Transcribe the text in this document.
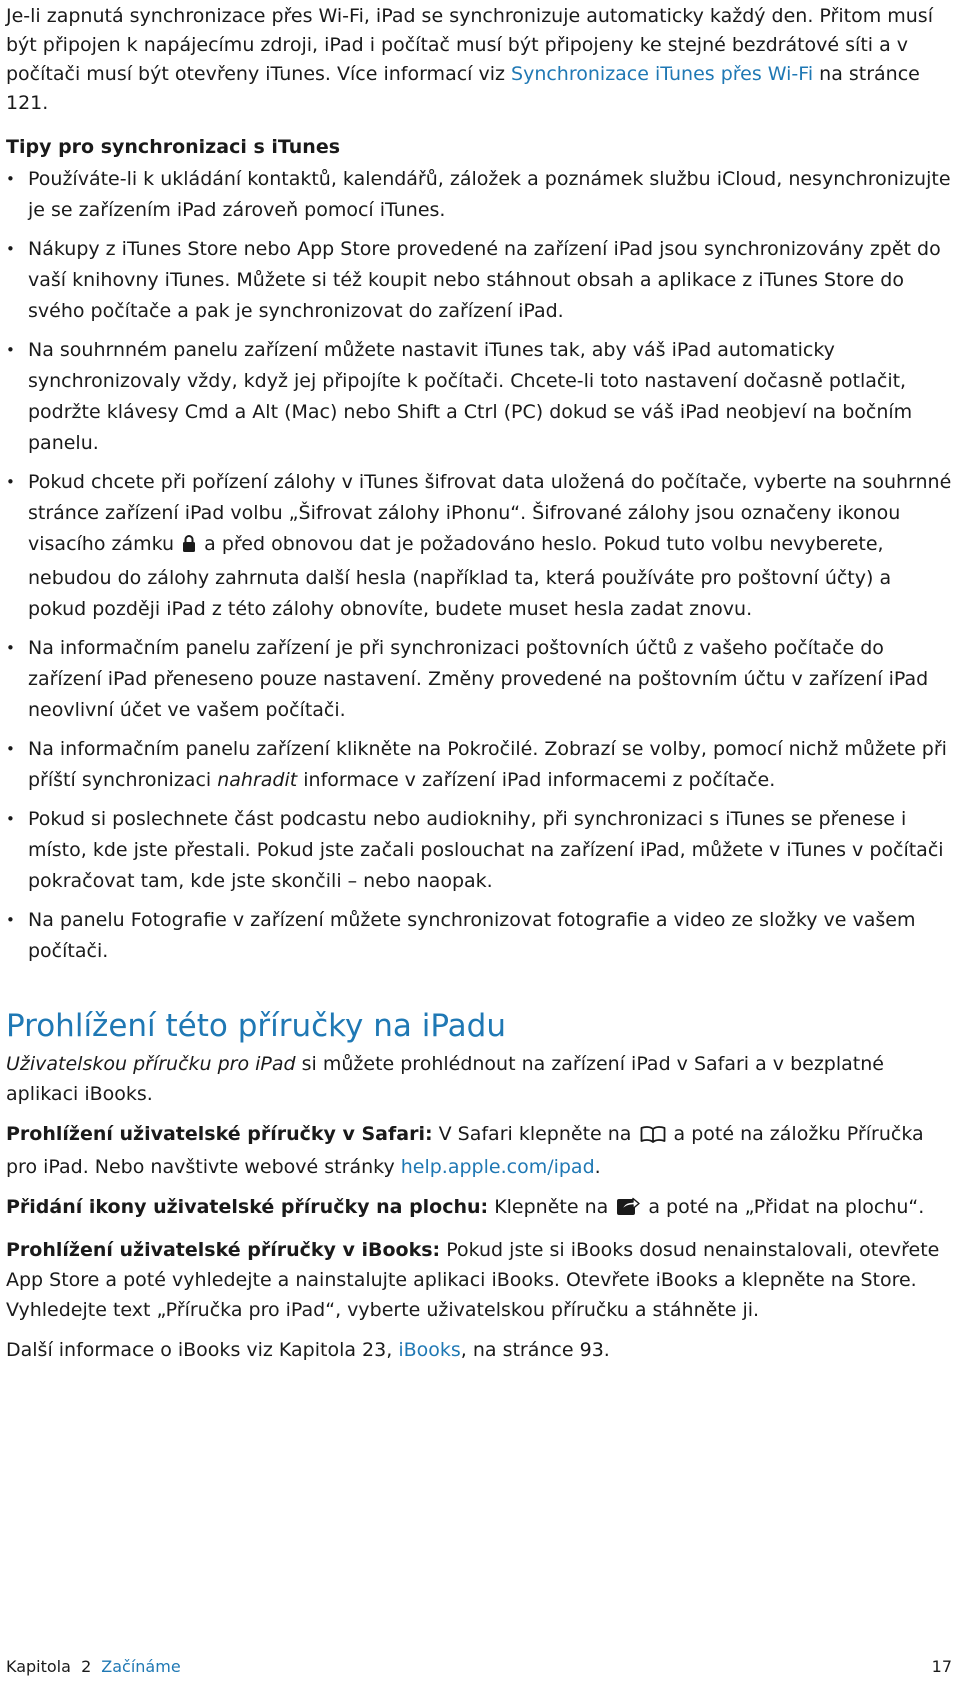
Je-li zapnutá synchronizace přes Wi-Fi, iPad se synchronizuje automaticky každý den. Přitom musí být připojen k napájecímu zdroji, iPad i počítač musí být připojeny ke stejné bezdrátové síti a v počítači musí být otevřeny iTunes. Více informací viz Synchronizace iTunes přes Wi-Fi na stránce 121.

Tipy pro synchronizaci s iTunes
• Používáte-li k ukládání kontaktů, kalendářů, záložek a poznámek službu iCloud, nesynchronizujte je se zařízením iPad zároveň pomocí iTunes.
• Nákupy z iTunes Store nebo App Store provedené na zařízení iPad jsou synchronizovány zpět do vaší knihovny iTunes. Můžete si též koupit nebo stáhnout obsah a aplikace z iTunes Store do svého počítače a pak je synchronizovat do zařízení iPad.
• Na souhrnném panelu zařízení můžete nastavit iTunes tak, aby váš iPad automaticky synchronizovaly vždy, když jej připojíte k počítači. Chcete-li toto nastavení dočasně potlačit, podržte klávesy Cmd a Alt (Mac) nebo Shift a Ctrl (PC) dokud se váš iPad neobjeví na bočním panelu.
• Pokud chcete při pořízení zálohy v iTunes šifrovat data uložená do počítače, vyberte na souhrnné stránce zařízení iPad volbu „Šifrovat zálohy iPhonu“. Šifrované zálohy jsou označeny ikonou visacího zámku  a před obnovou dat je požadováno heslo. Pokud tuto volbu nevyberete, nebudou do zálohy zahrnuta další hesla (například ta, která používáte pro poštovní účty) a pokud později iPad z této zálohy obnovíte, budete muset hesla zadat znovu.
• Na informačním panelu zařízení je při synchronizaci poštovních účtů z vašeho počítače do zařízení iPad přeneseno pouze nastavení. Změny provedené na poštovním účtu v zařízení iPad neovlivní účet ve vašem počítači.
• Na informačním panelu zařízení klikněte na Pokročilé. Zobrazí se volby, pomocí nichž můžete při příští synchronizaci nahradit informace v zařízení iPad informacemi z počítače.
• Pokud si poslechnete část podcastu nebo audioknihy, při synchronizaci s iTunes se přenese i místo, kde jste přestali. Pokud jste začali poslouchat na zařízení iPad, můžete v iTunes v počítači pokračovat tam, kde jste skončili – nebo naopak.
• Na panelu Fotografie v zařízení můžete synchronizovat fotografie a video ze složky ve vašem počítači.
Prohlížení této příručky na iPadu

Uživatelskou příručku pro iPad si můžete prohlédnout na zařízení iPad v Safari a v bezplatné aplikaci iBooks.

Prohlížení uživatelské příručky v Safari: V Safari klepněte na  a poté na záložku Příručka pro iPad. Nebo navštivte webové stránky help.apple.com/ipad.

Přidání ikony uživatelské příručky na plochu: Klepněte na  a poté na „Přidat na plochu“.

Prohlížení uživatelské příručky v iBooks: Pokud jste si iBooks dosud nenainstalovali, otevřete App Store a poté vyhledejte a nainstalujte aplikaci iBooks. Otevřete iBooks a klepněte na Store. Vyhledejte text „Příručka pro iPad“, vyberte uživatelskou příručku a stáhněte ji.

Další informace o iBooks viz Kapitola 23, iBooks, na stránce 93.

Kapitola  2 Začínáme	17
